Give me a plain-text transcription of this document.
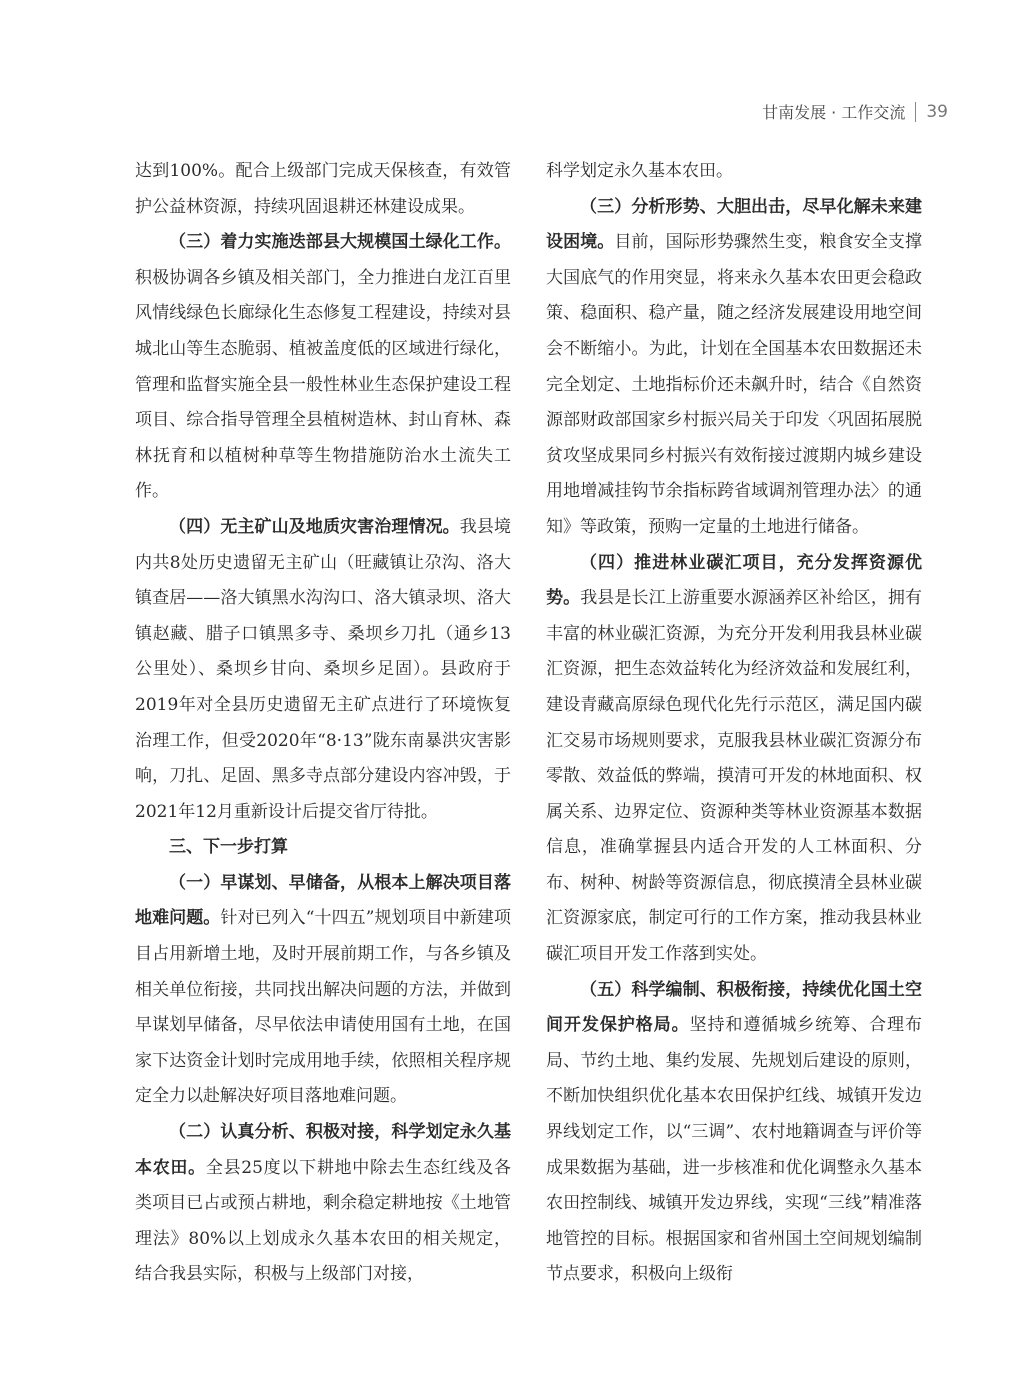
甘南发展 · 工作交流 39

达到100%。配合上级部门完成天保核查，有效管护公益林资源，持续巩固退耕还林建设成果。

（三）着力实施迭部县大规模国土绿化工作。积极协调各乡镇及相关部门，全力推进白龙江百里风情线绿色长廊绿化生态修复工程建设，持续对县城北山等生态脆弱、植被盖度低的区域进行绿化，管理和监督实施全县一般性林业生态保护建设工程项目、综合指导管理全县植树造林、封山育林、森林抚育和以植树种草等生物措施防治水土流失工作。

（四）无主矿山及地质灾害治理情况。我县境内共8处历史遗留无主矿山（旺藏镇让尕沟、洛大镇查居——洛大镇黑水沟沟口、洛大镇录坝、洛大镇赵藏、腊子口镇黑多寺、桑坝乡刀扎（通乡13公里处）、桑坝乡甘向、桑坝乡足固）。县政府于2019年对全县历史遗留无主矿点进行了环境恢复治理工作，但受2020年“8·13”陇东南暴洪灾害影响，刀扎、足固、黑多寺点部分建设内容冲毁，于2021年12月重新设计后提交省厅待批。

三、下一步打算

（一）早谋划、早储备，从根本上解决项目落地难问题。针对已列入“十四五”规划项目中新建项目占用新增土地，及时开展前期工作，与各乡镇及相关单位衔接，共同找出解决问题的方法，并做到早谋划早储备，尽早依法申请使用国有土地，在国家下达资金计划时完成用地手续，依照相关程序规定全力以赴解决好项目落地难问题。

（二）认真分析、积极对接，科学划定永久基本农田。全县25度以下耕地中除去生态红线及各类项目已占或预占耕地，剩余稳定耕地按《土地管理法》80%以上划成永久基本农田的相关规定，结合我县实际，积极与上级部门对接，

科学划定永久基本农田。

（三）分析形势、大胆出击，尽早化解未来建设困境。目前，国际形势骤然生变，粮食安全支撑大国底气的作用突显，将来永久基本农田更会稳政策、稳面积、稳产量，随之经济发展建设用地空间会不断缩小。为此，计划在全国基本农田数据还未完全划定、土地指标价还未飙升时，结合《自然资源部财政部国家乡村振兴局关于印发〈巩固拓展脱贫攻坚成果同乡村振兴有效衔接过渡期内城乡建设用地增减挂钩节余指标跨省域调剂管理办法〉的通知》等政策，预购一定量的土地进行储备。

（四）推进林业碳汇项目，充分发挥资源优势。我县是长江上游重要水源涵养区补给区，拥有丰富的林业碳汇资源，为充分开发利用我县林业碳汇资源，把生态效益转化为经济效益和发展红利，建设青藏高原绿色现代化先行示范区，满足国内碳汇交易市场规则要求，克服我县林业碳汇资源分布零散、效益低的弊端，摸清可开发的林地面积、权属关系、边界定位、资源种类等林业资源基本数据信息，准确掌握县内适合开发的人工林面积、分布、树种、树龄等资源信息，彻底摸清全县林业碳汇资源家底，制定可行的工作方案，推动我县林业碳汇项目开发工作落到实处。

（五）科学编制、积极衔接，持续优化国土空间开发保护格局。坚持和遵循城乡统筹、合理布局、节约土地、集约发展、先规划后建设的原则，不断加快组织优化基本农田保护红线、城镇开发边界线划定工作，以“三调”、农村地籍调查与评价等成果数据为基础，进一步核准和优化调整永久基本农田控制线、城镇开发边界线，实现“三线”精准落地管控的目标。根据国家和省州国土空间规划编制节点要求，积极向上级衔
